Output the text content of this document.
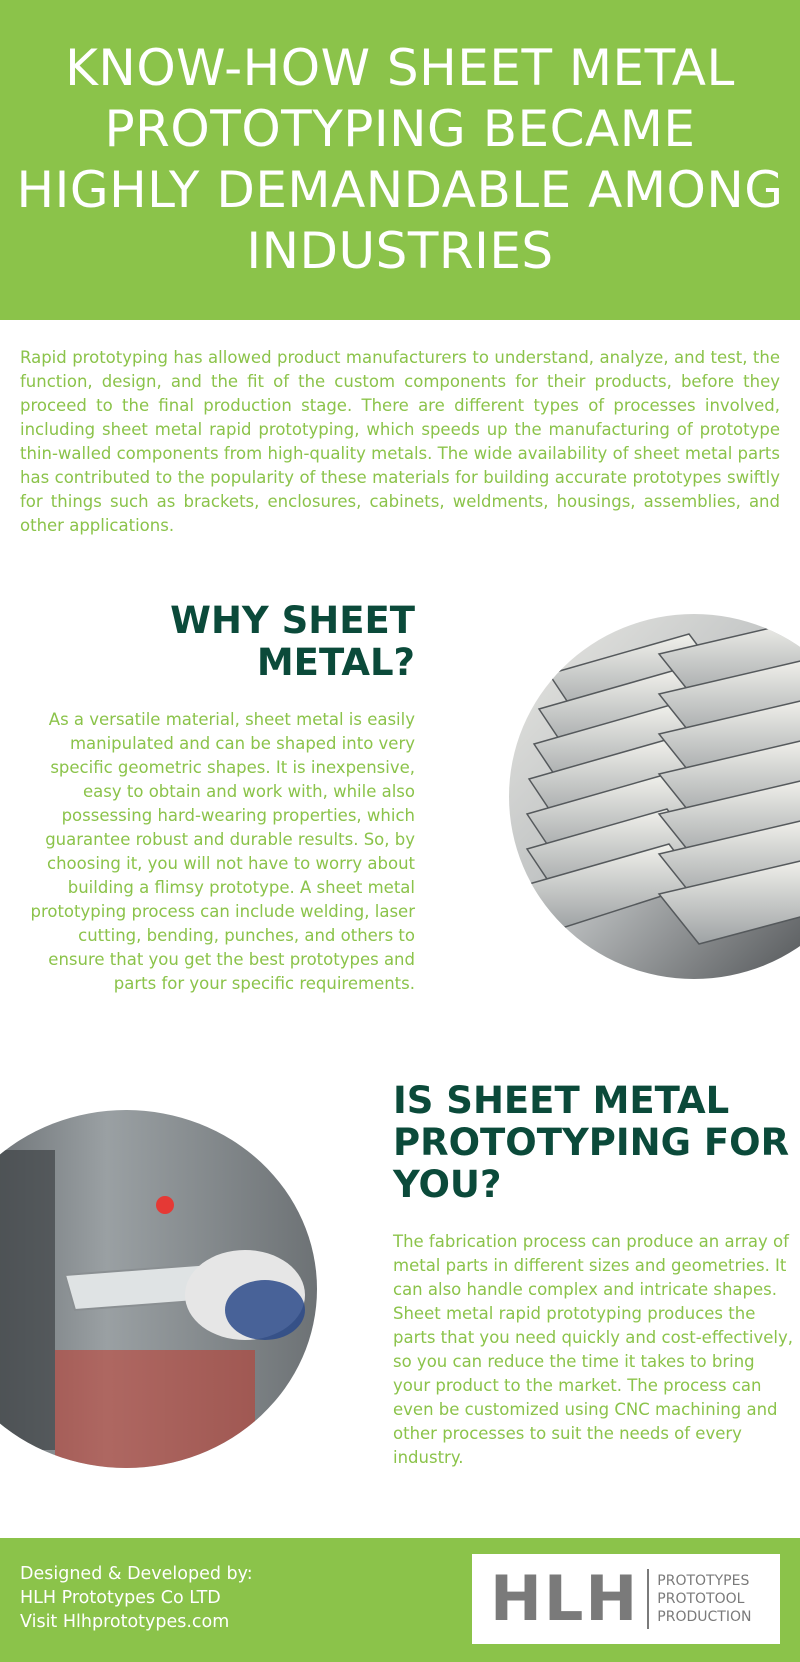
KNOW-HOW SHEET METAL PROTOTYPING BECAME HIGHLY DEMANDABLE AMONG INDUSTRIES

Rapid prototyping has allowed product manufacturers to understand, analyze, and test, the function, design, and the fit of the custom components for their products, before they proceed to the final production stage. There are different types of processes involved, including sheet metal rapid prototyping, which speeds up the manufacturing of prototype thin-walled components from high-quality metals. The wide availability of sheet metal parts has contributed to the popularity of these materials for building accurate prototypes swiftly for things such as brackets, enclosures, cabinets, weldments, housings, assemblies, and other applications.

WHY SHEET METAL?

As a versatile material, sheet metal is easily manipulated and can be shaped into very specific geometric shapes. It is inexpensive, easy to obtain and work with, while also possessing hard-wearing properties, which guarantee robust and durable results. So, by choosing it, you will not have to worry about building a flimsy prototype. A sheet metal prototyping process can include welding, laser cutting, bending, punches, and others to ensure that you get the best prototypes and parts for your specific requirements.

IS SHEET METAL PROTOTYPING FOR YOU?

The fabrication process can produce an array of metal parts in different sizes and geometries. It can also handle complex and intricate shapes. Sheet metal rapid prototyping produces the parts that you need quickly and cost-effectively, so you can reduce the time it takes to bring your product to the market. The process can even be customized using CNC machining and other processes to suit the needs of every industry.

Designed & Developed by:
HLH Prototypes Co LTD
Visit Hlhprototypes.com	HLH PROTOTYPES
PROTOTOOL
PRODUCTION
